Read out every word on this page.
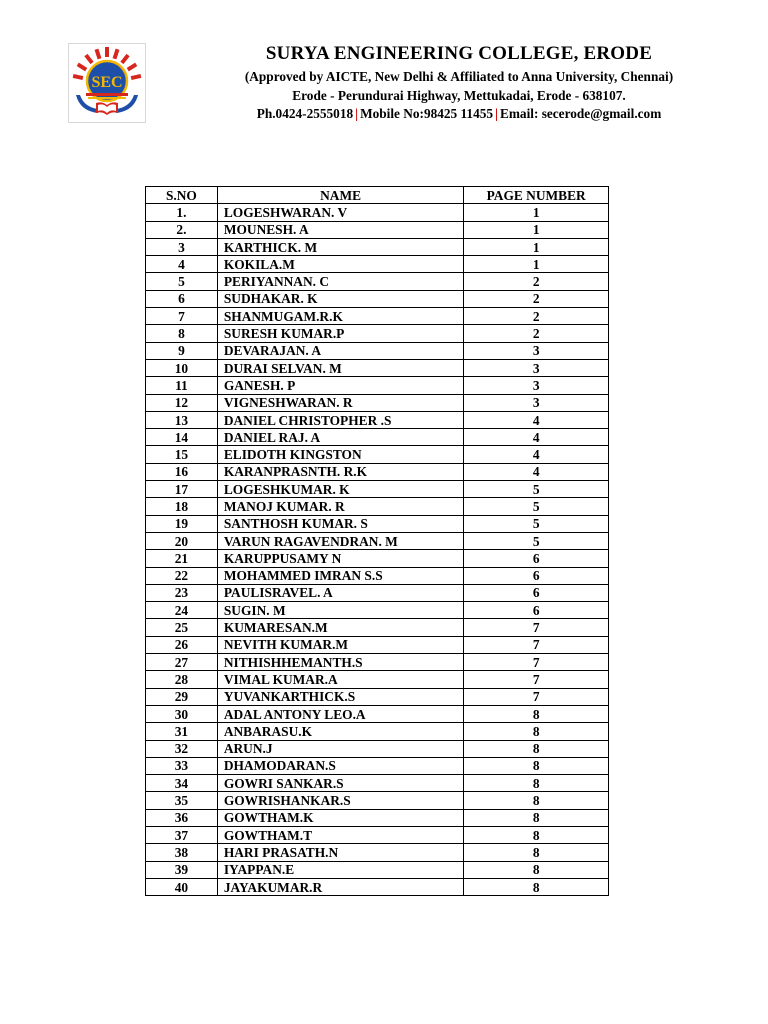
SEC
SURYA ENGINEERING COLLEGE, ERODE
(Approved by AICTE, New Delhi & Affiliated to Anna University, Chennai)
Erode - Perundurai Highway, Mettukadai, Erode - 638107.
Ph.0424-2555018 | Mobile No:98425 11455 | Email: secerode@gmail.com
S.NO	NAME	PAGE NUMBER
1.	LOGESHWARAN. V	1
2.	MOUNESH. A	1
3	KARTHICK. M	1
4	KOKILA.M	1
5	PERIYANNAN. C	2
6	SUDHAKAR. K	2
7	SHANMUGAM.R.K	2
8	SURESH KUMAR.P	2
9	DEVARAJAN. A	3
10	DURAI SELVAN. M	3
11	GANESH. P	3
12	VIGNESHWARAN. R	3
13	DANIEL CHRISTOPHER .S	4
14	DANIEL RAJ. A	4
15	ELIDOTH KINGSTON	4
16	KARANPRASNTH. R.K	4
17	LOGESHKUMAR. K	5
18	MANOJ KUMAR. R	5
19	SANTHOSH KUMAR. S	5
20	VARUN RAGAVENDRAN. M	5
21	KARUPPUSAMY N	6
22	MOHAMMED IMRAN S.S	6
23	PAULISRAVEL. A	6
24	SUGIN. M	6
25	KUMARESAN.M	7
26	NEVITH KUMAR.M	7
27	NITHISHHEMANTH.S	7
28	VIMAL KUMAR.A	7
29	YUVANKARTHICK.S	7
30	ADAL ANTONY LEO.A	8
31	ANBARASU.K	8
32	ARUN.J	8
33	DHAMODARAN.S	8
34	GOWRI SANKAR.S	8
35	GOWRISHANKAR.S	8
36	GOWTHAM.K	8
37	GOWTHAM.T	8
38	HARI PRASATH.N	8
39	IYAPPAN.E	8
40	JAYAKUMAR.R	8
